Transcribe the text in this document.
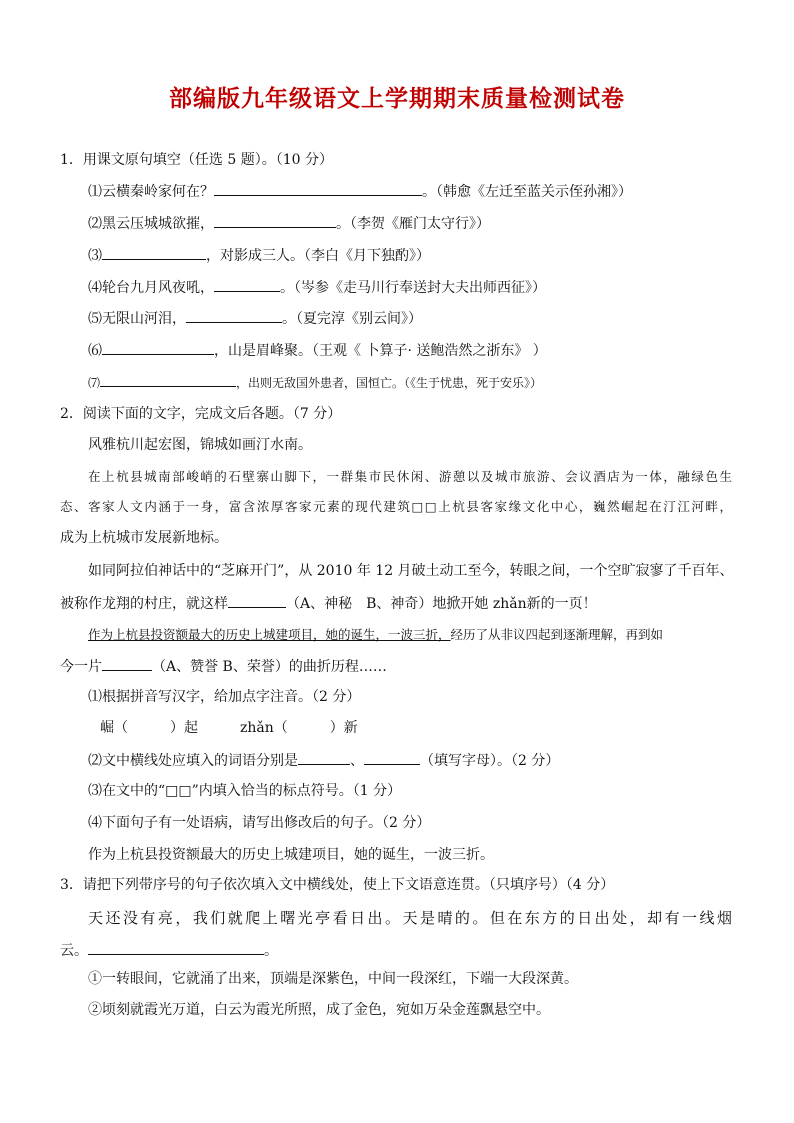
部编版九年级语文上学期期末质量检测试卷
1．用课文原句填空（任选 5 题）。（10 分）
⑴云横秦岭家何在？	。（韩愈《左迁至蓝关示侄孙湘》）
⑵黑云压城城欲摧，	。（李贺《雁门太守行》）
⑶	，对影成三人。（李白《月下独酌》）
⑷轮台九月风夜吼，	。（岑参《走马川行奉送封大夫出师西征》）
⑸无限山河泪，	。（夏完淳《别云间》）
⑹	，山是眉峰聚。（王观《 卜算子· 送鲍浩然之浙东》 ）
⑺	，出则无敌国外患者，国恒亡。（《生于忧患，死于安乐》）
2．阅读下面的文字，完成文后各题。（7 分）
风雅杭川起宏图，锦城如画汀水南。
在上杭县城南部峻峭的石壁寨山脚下，一群集市民休闲、游憩以及城市旅游、会议酒店为一体，融绿色生
态、客家人文内涵于一身，富含浓厚客家元素的现代建筑□□上杭县客家缘文化中心，巍然崛起在汀江河畔，
成为上杭城市发展新地标。
如同阿拉伯神话中的“芝麻开门”，从 2010 年 12 月破土动工至今，转眼之间，一个空旷寂寥了千百年、
被称作龙翔的村庄，就这样	（A、神秘　B、神奇）地掀开她 zhǎn新的一页！
作为上杭县投资额最大的历史上城建项目，她的诞生，一波三折，经历了从非议四起到逐渐理解，再到如
今一片	（A、赞誉 B、荣誉）的曲折历程……
⑴根据拼音写汉字，给加点字注音。（2 分）
崛（　　　）起　　　zhǎn（　　　）新
⑵文中横线处应填入的词语分别是	、	（填写字母）。（2 分）
⑶在文中的“□□”内填入恰当的标点符号。（1 分）
⑷下面句子有一处语病，请写出修改后的句子。（2 分）
作为上杭县投资额最大的历史上城建项目，她的诞生，一波三折。
3．请把下列带序号的句子依次填入文中横线处，使上下文语意连贯。（只填序号）（4 分）
天还没有亮，我们就爬上曙光亭看日出。天是晴的。但在东方的日出处，却有一线烟
云。	。
①一转眼间，它就涌了出来，顶端是深紫色，中间一段深红，下端一大段深黄。
②顷刻就霞光万道，白云为霞光所照，成了金色，宛如万朵金莲飘悬空中。
